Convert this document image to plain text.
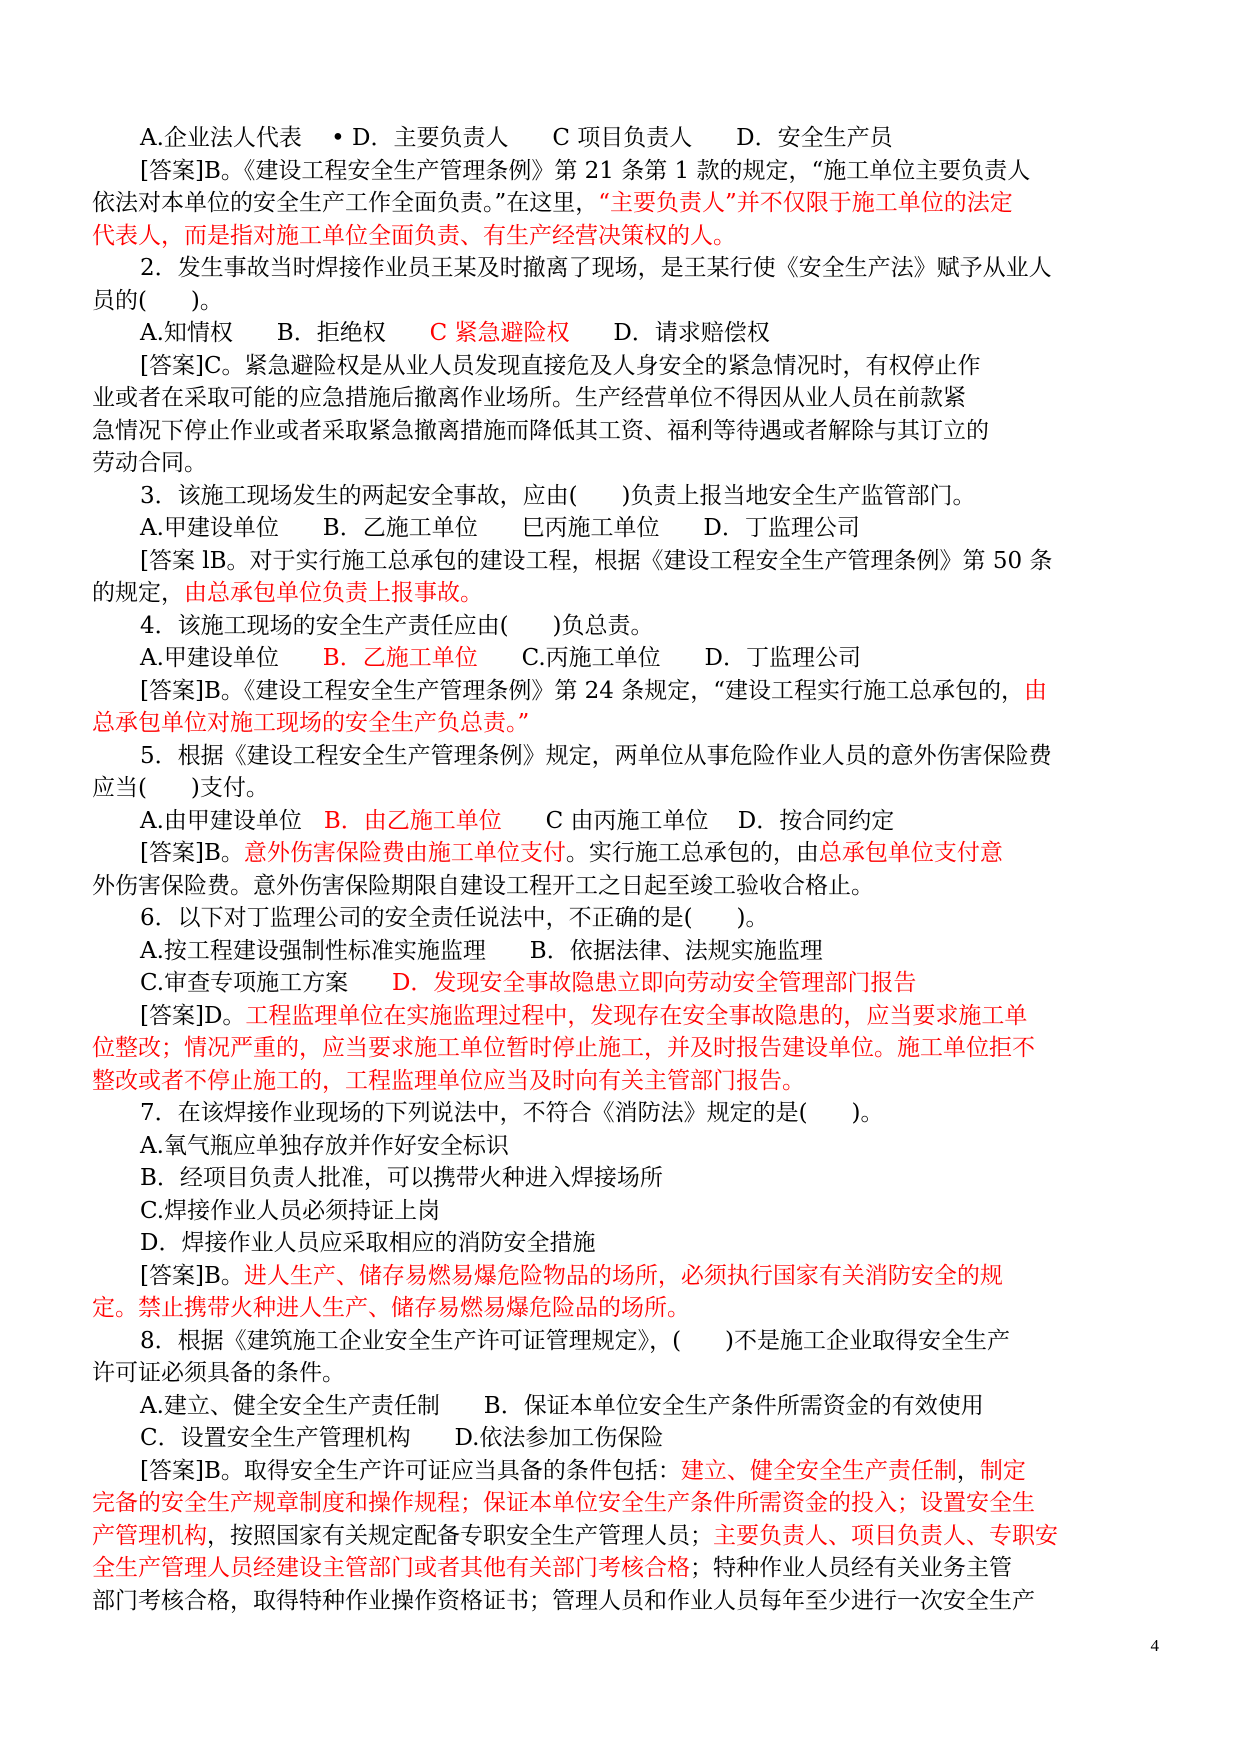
A.企业法人代表    • D．主要负责人      C 项目负责人      D．安全生产员
[答案]B。《建设工程安全生产管理条例》第 21 条第 1 款的规定，“施工单位主要负责人
依法对本单位的安全生产工作全面负责。”在这里，“主要负责人”并不仅限于施工单位的法定
代表人，而是指对施工单位全面负责、有生产经营决策权的人。
2．发生事故当时焊接作业员王某及时撤离了现场，是王某行使《安全生产法》赋予从业人
员的(      )。
A.知情权      B．拒绝权      C 紧急避险权      D．请求赔偿权
[答案]C。紧急避险权是从业人员发现直接危及人身安全的紧急情况时，有权停止作
业或者在采取可能的应急措施后撤离作业场所。生产经营单位不得因从业人员在前款紧
急情况下停止作业或者采取紧急撤离措施而降低其工资、福利等待遇或者解除与其订立的
劳动合同。
3．该施工现场发生的两起安全事故，应由(      )负责上报当地安全生产监管部门。
A.甲建设单位      B．乙施工单位      巳丙施工单位      D．丁监理公司
[答案 lB。对于实行施工总承包的建设工程，根据《建设工程安全生产管理条例》第 50 条
的规定，由总承包单位负责上报事故。
4．该施工现场的安全生产责任应由(      )负总责。
A.甲建设单位      B．乙施工单位      C.丙施工单位      D．丁监理公司
[答案]B。《建设工程安全生产管理条例》第 24 条规定，“建设工程实行施工总承包的，由
总承包单位对施工现场的安全生产负总责。”
5．根据《建设工程安全生产管理条例》规定，两单位从事危险作业人员的意外伤害保险费
应当(      )支付。
A.由甲建设单位   B．由乙施工单位      C 由丙施工单位    D．按合同约定
[答案]B。意外伤害保险费由施工单位支付。实行施工总承包的，由总承包单位支付意
外伤害保险费。意外伤害保险期限自建设工程开工之日起至竣工验收合格止。
6．以下对丁监理公司的安全责任说法中，不正确的是(      )。
A.按工程建设强制性标准实施监理      B．依据法律、法规实施监理
C.审查专项施工方案      D．发现安全事故隐患立即向劳动安全管理部门报告
[答案]D。工程监理单位在实施监理过程中，发现存在安全事故隐患的，应当要求施工单
位整改；情况严重的，应当要求施工单位暂时停止施工，并及时报告建设单位。施工单位拒不
整改或者不停止施工的，工程监理单位应当及时向有关主管部门报告。
7．在该焊接作业现场的下列说法中，不符合《消防法》规定的是(      )。
A.氧气瓶应单独存放并作好安全标识
B．经项目负责人批准，可以携带火种进入焊接场所
C.焊接作业人员必须持证上岗
D．焊接作业人员应采取相应的消防安全措施
[答案]B。进人生产、储存易燃易爆危险物品的场所，必须执行国家有关消防安全的规
定。禁止携带火种进人生产、储存易燃易爆危险品的场所。
8．根据《建筑施工企业安全生产许可证管理规定》，(      )不是施工企业取得安全生产
许可证必须具备的条件。
A.建立、健全安全生产责任制      B．保证本单位安全生产条件所需资金的有效使用
C．设置安全生产管理机构      D.依法参加工伤保险
[答案]B。取得安全生产许可证应当具备的条件包括：建立、健全安全生产责任制，制定
完备的安全生产规章制度和操作规程；保证本单位安全生产条件所需资金的投入；设置安全生
产管理机构，按照国家有关规定配备专职安全生产管理人员；主要负责人、项目负责人、专职安
全生产管理人员经建设主管部门或者其他有关部门考核合格；特种作业人员经有关业务主管
部门考核合格，取得特种作业操作资格证书；管理人员和作业人员每年至少进行一次安全生产
4
